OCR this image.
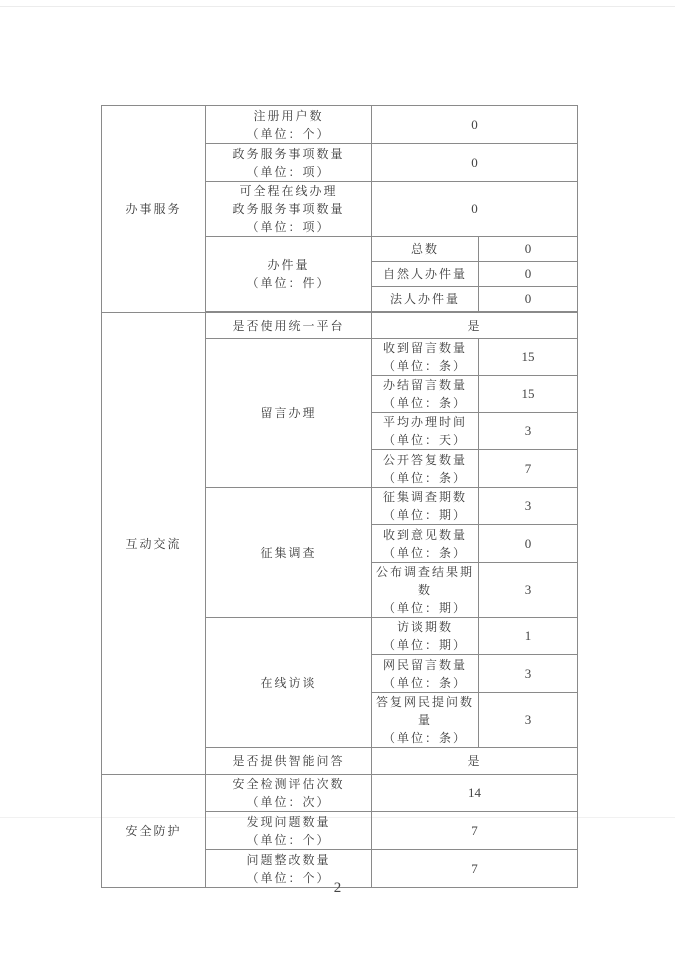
办事服务	注册用户数
（单位：个）	0	

	政务服务事项数量
（单位：项）	0	

	可全程在线办理
政务服务事项数量
（单位：项）	0	

	办件量
（单位：件）	总数	0
		自然人办件量	0
		法人办件量	0

互动交流	是否使用统一平台	是	
	留言办理	收到留言数量
（单位：条）	15

		办结留言数量
（单位：条）	15

		平均办理时间
（单位：天）	3

		公开答复数量
（单位：条）	7
	征集调查	征集调查期数
（单位：期）	3

		收到意见数量
（单位：条）	0

		公布调查结果期数
（单位：期）	3
	在线访谈	访谈期数
（单位：期）	1

		网民留言数量
（单位：条）	3

		答复网民提问数量
（单位：条）	3
	是否提供智能问答	是	
安全防护	安全检测评估次数
（单位：次）	14	

	发现问题数量
（单位：个）	7	

	问题整改数量
（单位：个）	7	
2
